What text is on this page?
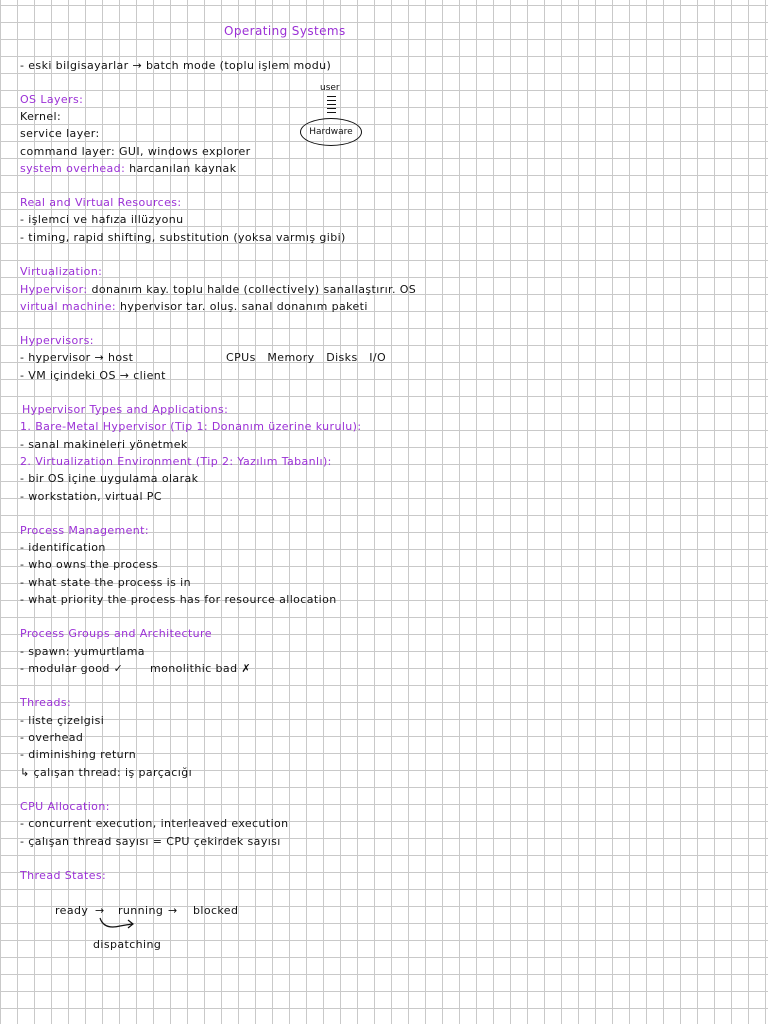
Operating Systems
- eski bilgisayarlar → batch mode (toplu işlem modu)
user
Hardware
OS Layers:
Kernel:
service layer:
command layer: GUI, windows explorer
system overhead: harcanılan kaynak
Real and Virtual Resources:
- işlemci ve hafıza illüzyonu
- timing, rapid shifting, substitution (yoksa varmış gibi)
Virtualization:
Hypervisor: donanım kay. toplu halde (collectively) sanallaştırır. OS
virtual machine: hypervisor tar. oluş. sanal donanım paketi
Hypervisors:
- hypervisor → host	CPUs   Memory   Disks   I/O
- VM içindeki OS → client
Hypervisor Types and Applications:
1. Bare-Metal Hypervisor (Tip 1: Donanım üzerine kurulu):
- sanal makineleri yönetmek
2. Virtualization Environment (Tip 2: Yazılım Tabanlı):
- bir OS içine uygulama olarak
- workstation, virtual PC
Process Management:
- identification
- who owns the process
- what state the process is in
- what priority the process has for resource allocation
Process Groups and Architecture
- spawn: yumurtlama
- modular good ✓ monolithic bad ✗
Threads:
- liste çizelgisi
- overhead
- diminishing return
↳ çalışan thread: iş parçacığı
CPU Allocation:
- concurrent execution, interleaved execution
- çalışan thread sayısı = CPU çekirdek sayısı
Thread States:
ready → running → blocked
dispatching
